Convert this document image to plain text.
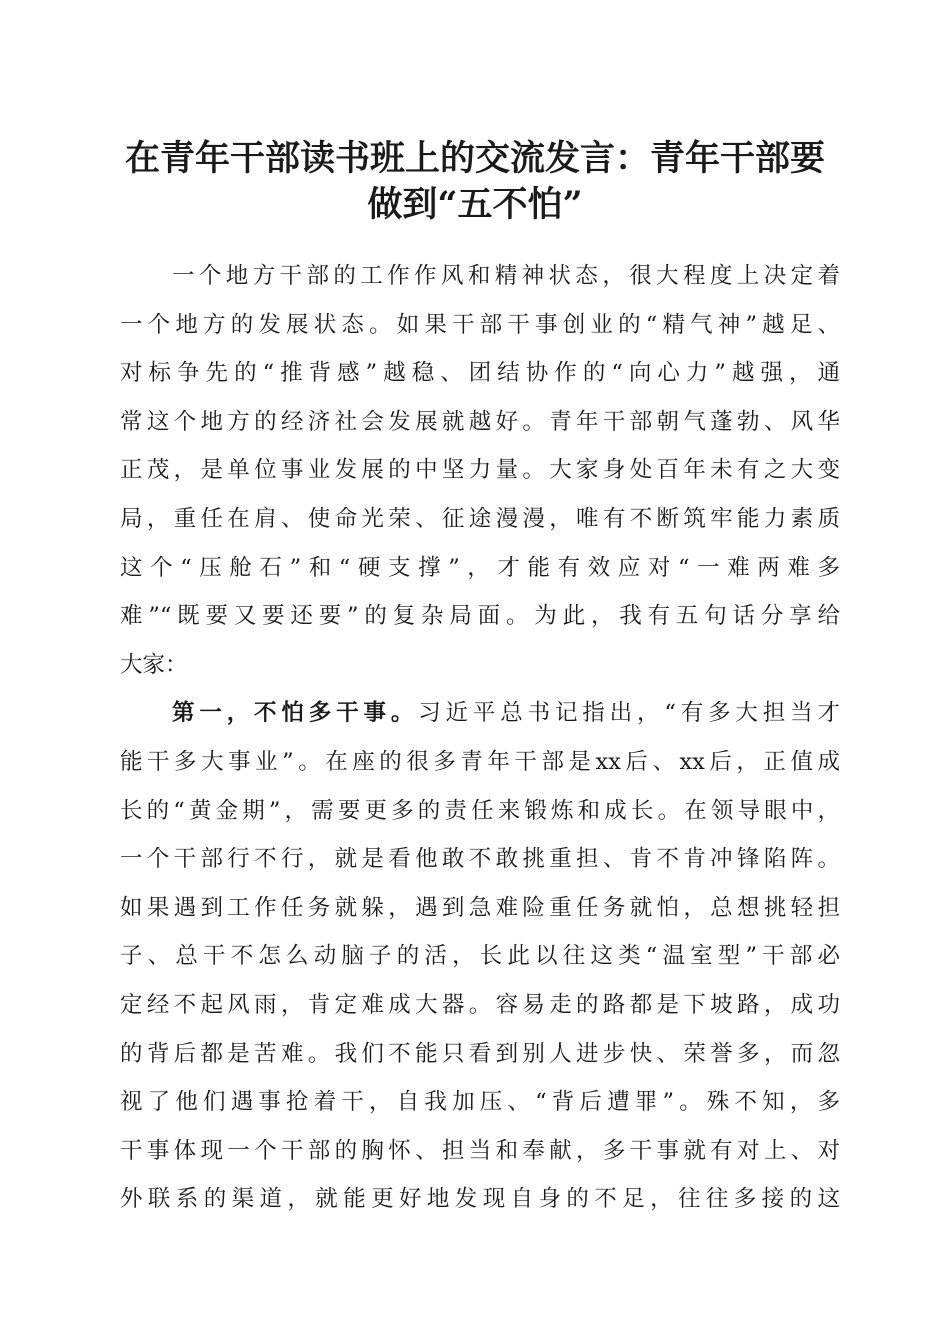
在青年干部读书班上的交流发言：青年干部要
做到“五不怕”

一个地方干部的工作作风和精神状态，很大程度上决定着
一个地方的发展状态。如果干部干事创业的“精气神”越足、
对标争先的“推背感”越稳、团结协作的“向心力”越强，通
常这个地方的经济社会发展就越好。青年干部朝气蓬勃、风华
正茂，是单位事业发展的中坚力量。大家身处百年未有之大变
局，重任在肩、使命光荣、征途漫漫，唯有不断筑牢能力素质
这个“压舱石”和“硬支撑”，才能有效应对“一难两难多
难”“既要又要还要”的复杂局面。为此，我有五句话分享给
大家：

第一，不怕多干事。习近平总书记指出，“有多大担当才
能干多大事业”。在座的很多青年干部是xx后、xx后，正值成
长的“黄金期”，需要更多的责任来锻炼和成长。在领导眼中，
一个干部行不行，就是看他敢不敢挑重担、肯不肯冲锋陷阵。
如果遇到工作任务就躲，遇到急难险重任务就怕，总想挑轻担
子、总干不怎么动脑子的活，长此以往这类“温室型”干部必
定经不起风雨，肯定难成大器。容易走的路都是下坡路，成功
的背后都是苦难。我们不能只看到别人进步快、荣誉多，而忽
视了他们遇事抢着干，自我加压、“背后遭罪”。殊不知，多
干事体现一个干部的胸怀、担当和奉献，多干事就有对上、对
外联系的渠道，就能更好地发现自身的不足，往往多接的这
